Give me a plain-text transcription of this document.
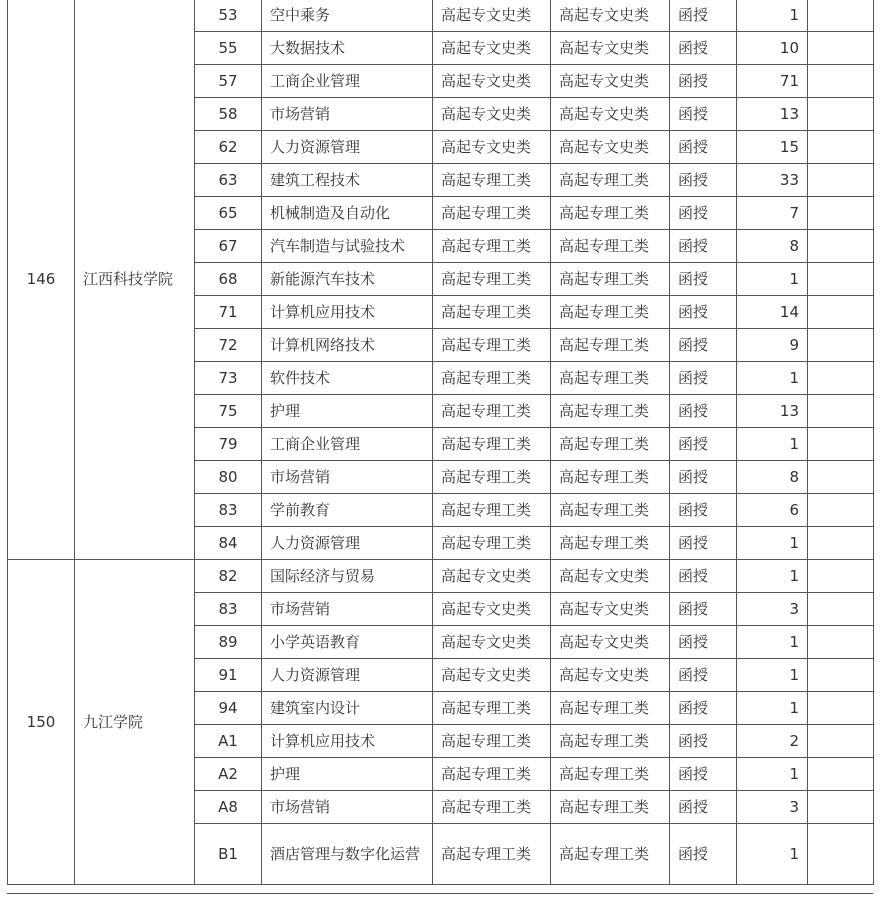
146	江西科技学院	53	空中乘务	高起专文史类	高起专文史类	函授	1	
		55	大数据技术	高起专文史类	高起专文史类	函授	10	
		57	工商企业管理	高起专文史类	高起专文史类	函授	71	
		58	市场营销	高起专文史类	高起专文史类	函授	13	
		62	人力资源管理	高起专文史类	高起专文史类	函授	15	
		63	建筑工程技术	高起专理工类	高起专理工类	函授	33	
		65	机械制造及自动化	高起专理工类	高起专理工类	函授	7	
		67	汽车制造与试验技术	高起专理工类	高起专理工类	函授	8	
		68	新能源汽车技术	高起专理工类	高起专理工类	函授	1	
		71	计算机应用技术	高起专理工类	高起专理工类	函授	14	
		72	计算机网络技术	高起专理工类	高起专理工类	函授	9	
		73	软件技术	高起专理工类	高起专理工类	函授	1	
		75	护理	高起专理工类	高起专理工类	函授	13	
		79	工商企业管理	高起专理工类	高起专理工类	函授	1	
		80	市场营销	高起专理工类	高起专理工类	函授	8	
		83	学前教育	高起专理工类	高起专理工类	函授	6	
		84	人力资源管理	高起专理工类	高起专理工类	函授	1	
150	九江学院	82	国际经济与贸易	高起专文史类	高起专文史类	函授	1	
		83	市场营销	高起专文史类	高起专文史类	函授	3	
		89	小学英语教育	高起专文史类	高起专文史类	函授	1	
		91	人力资源管理	高起专文史类	高起专文史类	函授	1	
		94	建筑室内设计	高起专理工类	高起专理工类	函授	1	
		A1	计算机应用技术	高起专理工类	高起专理工类	函授	2	
		A2	护理	高起专理工类	高起专理工类	函授	1	
		A8	市场营销	高起专理工类	高起专理工类	函授	3	
		B1	酒店管理与数字化运营	高起专理工类	高起专理工类	函授	1	
